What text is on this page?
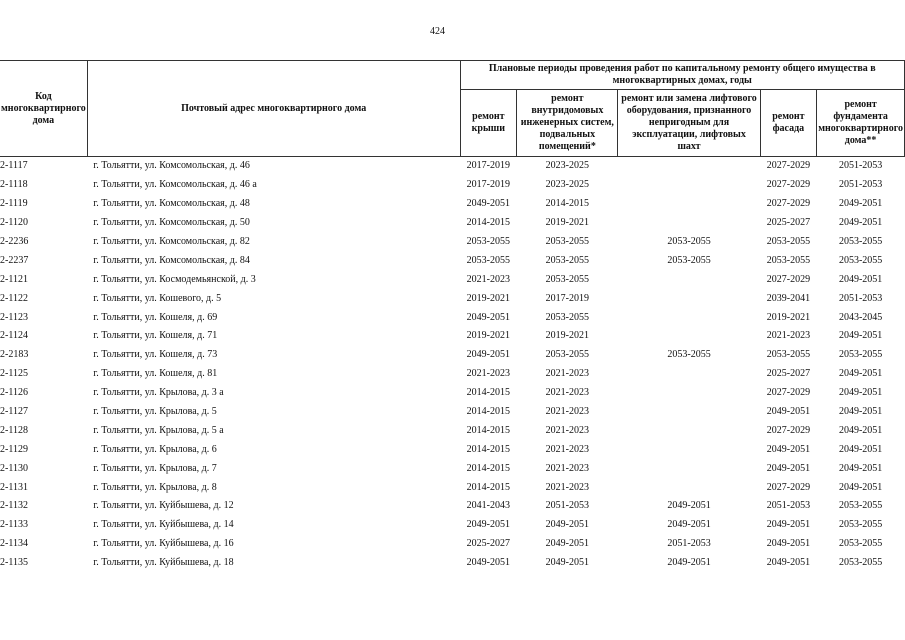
424
Код многоквартирного дома	Почтовый адрес многоквартирного дома	Плановые периоды проведения работ по капитальному ремонту общего имущества в многоквартирных домах, годы				
		ремонт крыши	ремонт внутридомовых инженерных систем, подвальных помещений*	ремонт или замена лифтового оборудования, признанного непригодным для эксплуатации, лифтовых шахт	ремонт фасада	ремонт фундамента многоквартирного дома**

2-1117	г. Тольятти, ул. Комсомольская, д. 46	2017-2019	2023-2025		2027-2029	2051-2053

2-1118	г. Тольятти, ул. Комсомольская, д. 46 а	2017-2019	2023-2025		2027-2029	2051-2053

2-1119	г. Тольятти, ул. Комсомольская, д. 48	2049-2051	2014-2015		2027-2029	2049-2051

2-1120	г. Тольятти, ул. Комсомольская, д. 50	2014-2015	2019-2021		2025-2027	2049-2051

2-2236	г. Тольятти, ул. Комсомольская, д. 82	2053-2055	2053-2055	2053-2055	2053-2055	2053-2055

2-2237	г. Тольятти, ул. Комсомольская, д. 84	2053-2055	2053-2055	2053-2055	2053-2055	2053-2055

2-1121	г. Тольятти, ул. Космодемьянской, д. 3	2021-2023	2053-2055		2027-2029	2049-2051

2-1122	г. Тольятти, ул. Кошевого, д. 5	2019-2021	2017-2019		2039-2041	2051-2053

2-1123	г. Тольятти, ул. Кошеля, д. 69	2049-2051	2053-2055		2019-2021	2043-2045

2-1124	г. Тольятти, ул. Кошеля, д. 71	2019-2021	2019-2021		2021-2023	2049-2051

2-2183	г. Тольятти, ул. Кошеля, д. 73	2049-2051	2053-2055	2053-2055	2053-2055	2053-2055

2-1125	г. Тольятти, ул. Кошеля, д. 81	2021-2023	2021-2023		2025-2027	2049-2051

2-1126	г. Тольятти, ул. Крылова, д. 3 а	2014-2015	2021-2023		2027-2029	2049-2051

2-1127	г. Тольятти, ул. Крылова, д. 5	2014-2015	2021-2023		2049-2051	2049-2051

2-1128	г. Тольятти, ул. Крылова, д. 5 а	2014-2015	2021-2023		2027-2029	2049-2051

2-1129	г. Тольятти, ул. Крылова, д. 6	2014-2015	2021-2023		2049-2051	2049-2051

2-1130	г. Тольятти, ул. Крылова, д. 7	2014-2015	2021-2023		2049-2051	2049-2051

2-1131	г. Тольятти, ул. Крылова, д. 8	2014-2015	2021-2023		2027-2029	2049-2051

2-1132	г. Тольятти, ул. Куйбышева, д. 12	2041-2043	2051-2053	2049-2051	2051-2053	2053-2055

2-1133	г. Тольятти, ул. Куйбышева, д. 14	2049-2051	2049-2051	2049-2051	2049-2051	2053-2055

2-1134	г. Тольятти, ул. Куйбышева, д. 16	2025-2027	2049-2051	2051-2053	2049-2051	2053-2055

2-1135	г. Тольятти, ул. Куйбышева, д. 18	2049-2051	2049-2051	2049-2051	2049-2051	2053-2055
